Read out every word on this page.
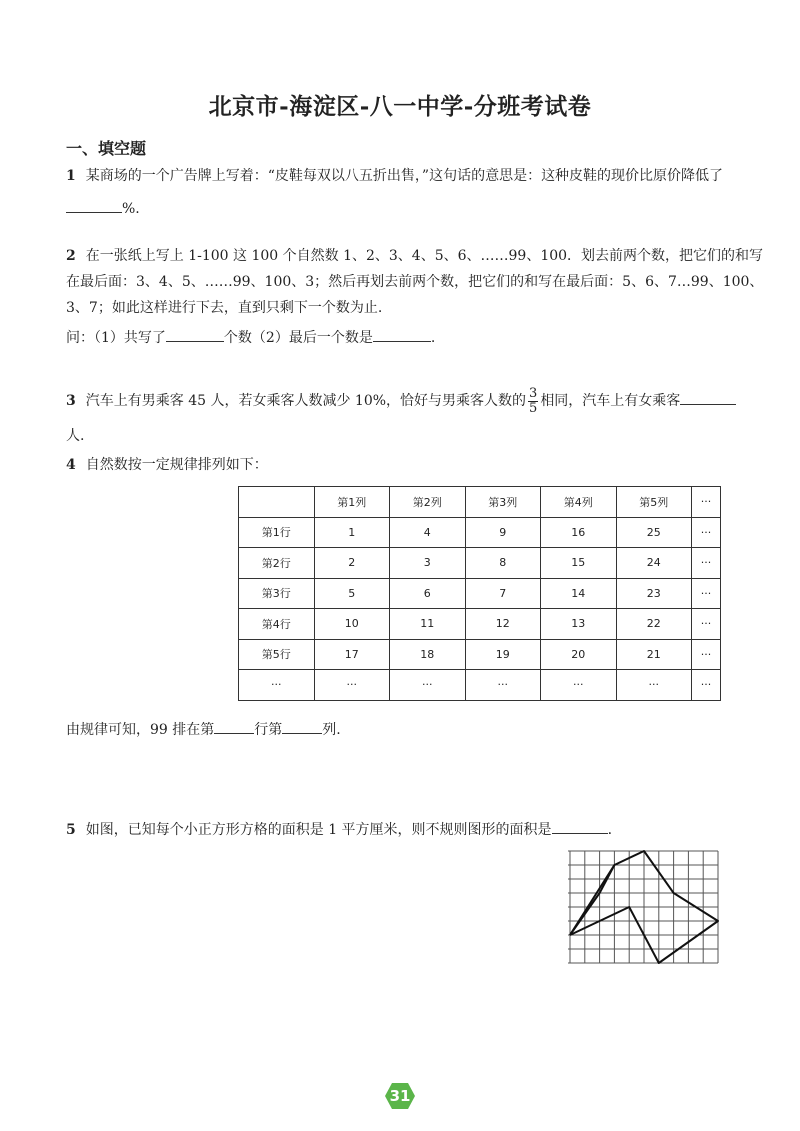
北京市-海淀区-八一中学-分班考试卷
一、填空题
1 某商场的一个广告牌上写着：“皮鞋每双以八五折出售，”这句话的意思是：这种皮鞋的现价比原价降低了
%.
2 在一张纸上写上 1-100 这 100 个自然数 1、2、3、4、5、6、……99、100．划去前两个数，把它们的和写
在最后面：3、4、5、……99、100、3；然后再划去前两个数，把它们的和写在最后面：5、6、7…99、100、
3、7；如此这样进行下去，直到只剩下一个数为止.
问：（1）共写了	个数（2）最后一个数是	.
3 汽车上有男乘客 45 人，若女乘客人数减少 10%，恰好与男乘客人数的 $\frac{3}{5}$ 相同，汽车上有女乘客
人.
4 自然数按一定规律排列如下：
	第1列	第2列	第3列	第4列	第5列	···
第1行	1	4	9	16	25	···
第2行	2	3	8	15	24	···
第3行	5	6	7	14	23	···
第4行	10	11	12	13	22	···
第5行	17	18	19	20	21	···
···	···	···	···	···	···	···
由规律可知，99 排在第	行第	列.
5 如图，已知每个小正方形方格的面积是 1 平方厘米，则不规则图形的面积是	.
31
